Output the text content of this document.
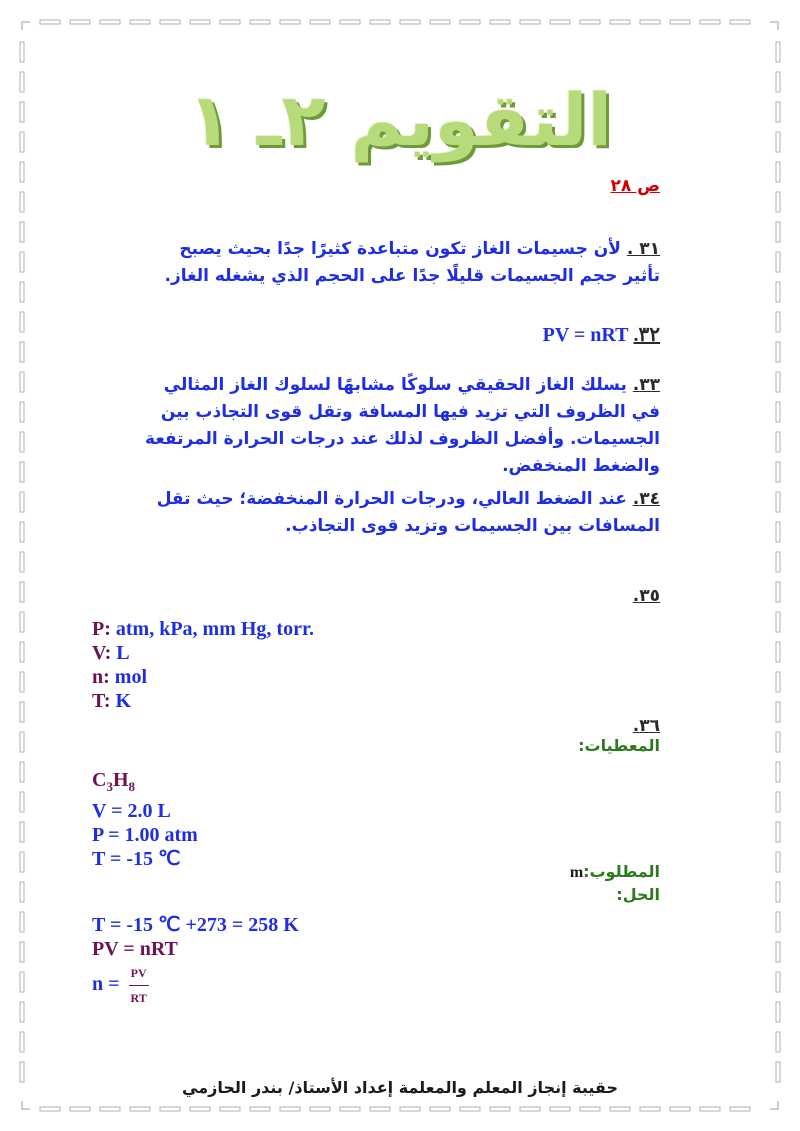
التقويم ٢ـ ١
ص ٢٨
٣١ . لأن جسيمات الغاز تكون متباعدة كثيرًا جدًا بحيث يصبح تأثير حجم الجسيمات قليلًا جدًا على الحجم الذي يشغله الغاز.
٣٢. PV = nRT
٣٣. يسلك الغاز الحقيقي سلوكًا مشابهًا لسلوك الغاز المثالي في الظروف التي تزيد فيها المسافة وتقل قوى التجاذب بين الجسيمات. وأفضل الظروف لذلك عند درجات الحرارة المرتفعة والضغط المنخفض.
٣٤. عند الضغط العالي، ودرجات الحرارة المنخفضة؛ حيث تقل المسافات بين الجسيمات وتزيد قوى التجاذب.
٣٥.
P: atm, kPa, mm Hg, torr.
V: L
n: mol
T: K
٣٦.
المعطيات:
$C_3H_8$
V = 2.0 L
P = 1.00 atm
T = -15 ℃
المطلوب:m
الحل:
T = -15 ℃ +273 = 258 K
PV = nRT
$n = \frac{PV}{RT}$
حقيبة إنجاز المعلم والمعلمة إعداد الأستاذ/ بندر الحازمي
